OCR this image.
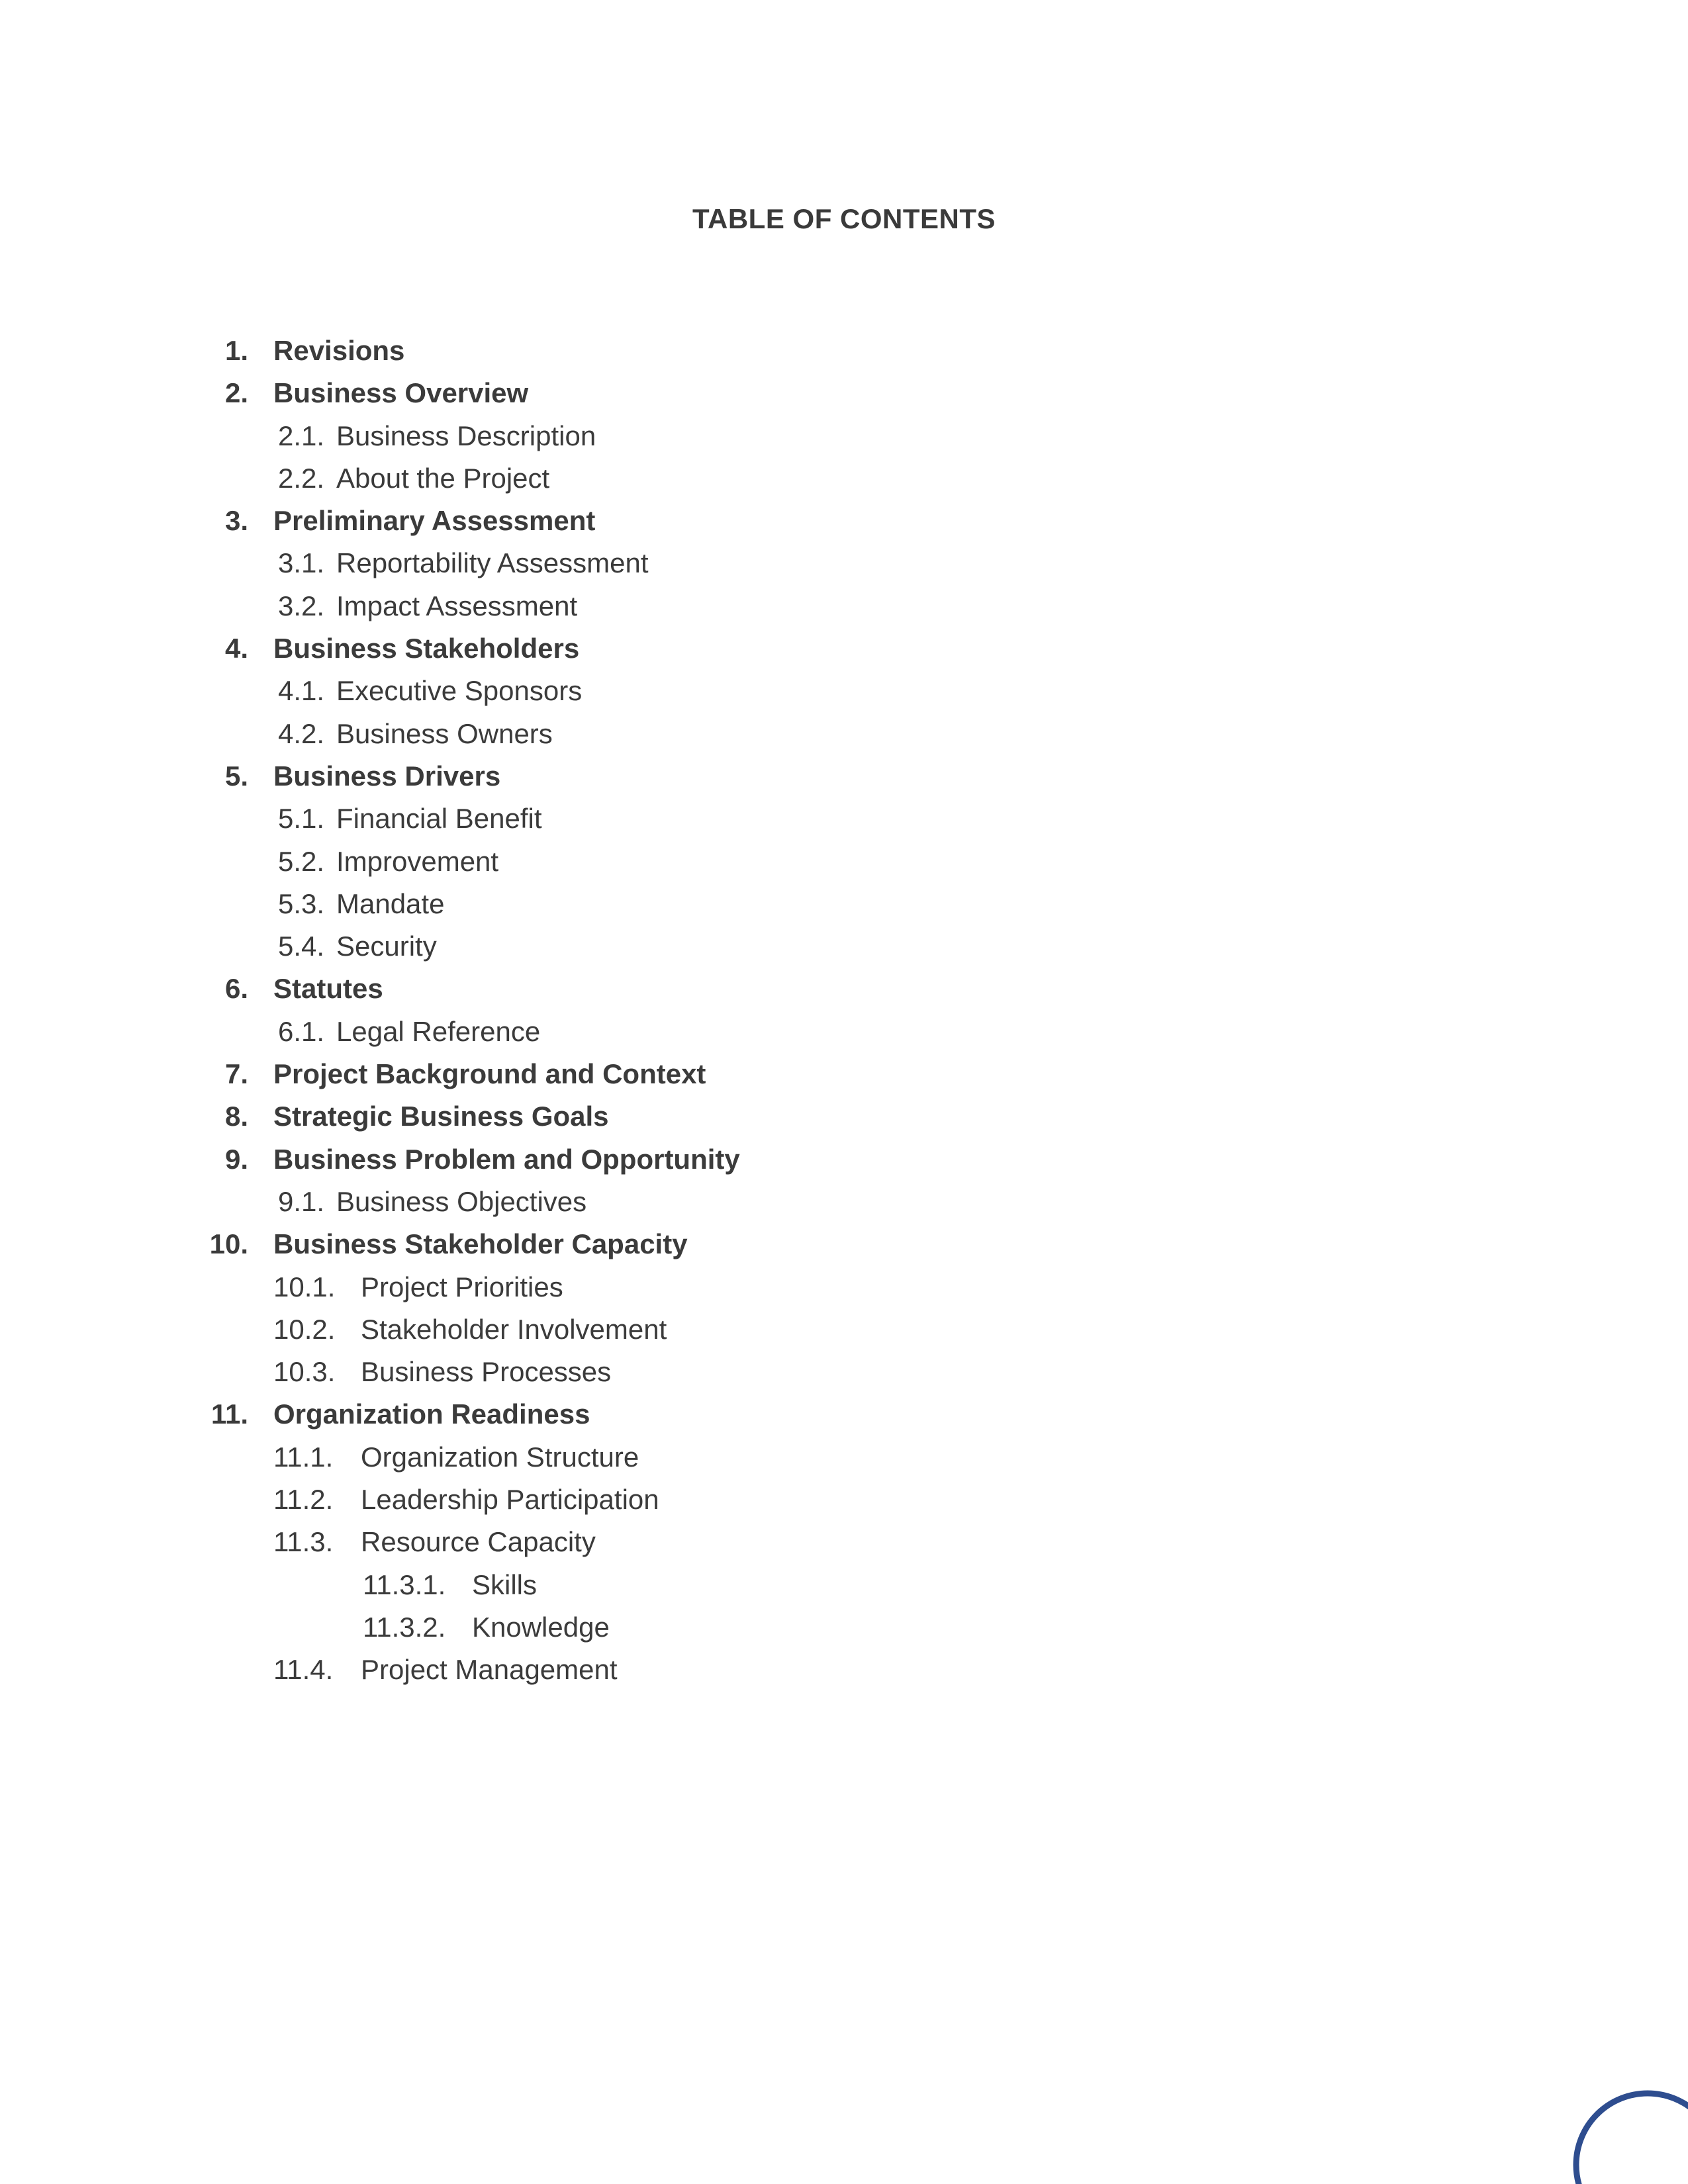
TABLE OF CONTENTS
1. Revisions
2. Business Overview
2.1. Business Description
2.2. About the Project
3. Preliminary Assessment
3.1. Reportability Assessment
3.2. Impact Assessment
4. Business Stakeholders
4.1. Executive Sponsors
4.2. Business Owners
5. Business Drivers
5.1. Financial Benefit
5.2. Improvement
5.3. Mandate
5.4. Security
6. Statutes
6.1. Legal Reference
7. Project Background and Context
8. Strategic Business Goals
9. Business Problem and Opportunity
9.1. Business Objectives
10. Business Stakeholder Capacity
10.1. Project Priorities
10.2. Stakeholder Involvement
10.3. Business Processes
11. Organization Readiness
11.1. Organization Structure
11.2. Leadership Participation
11.3. Resource Capacity
11.3.1. Skills
11.3.2. Knowledge
11.4. Project Management
